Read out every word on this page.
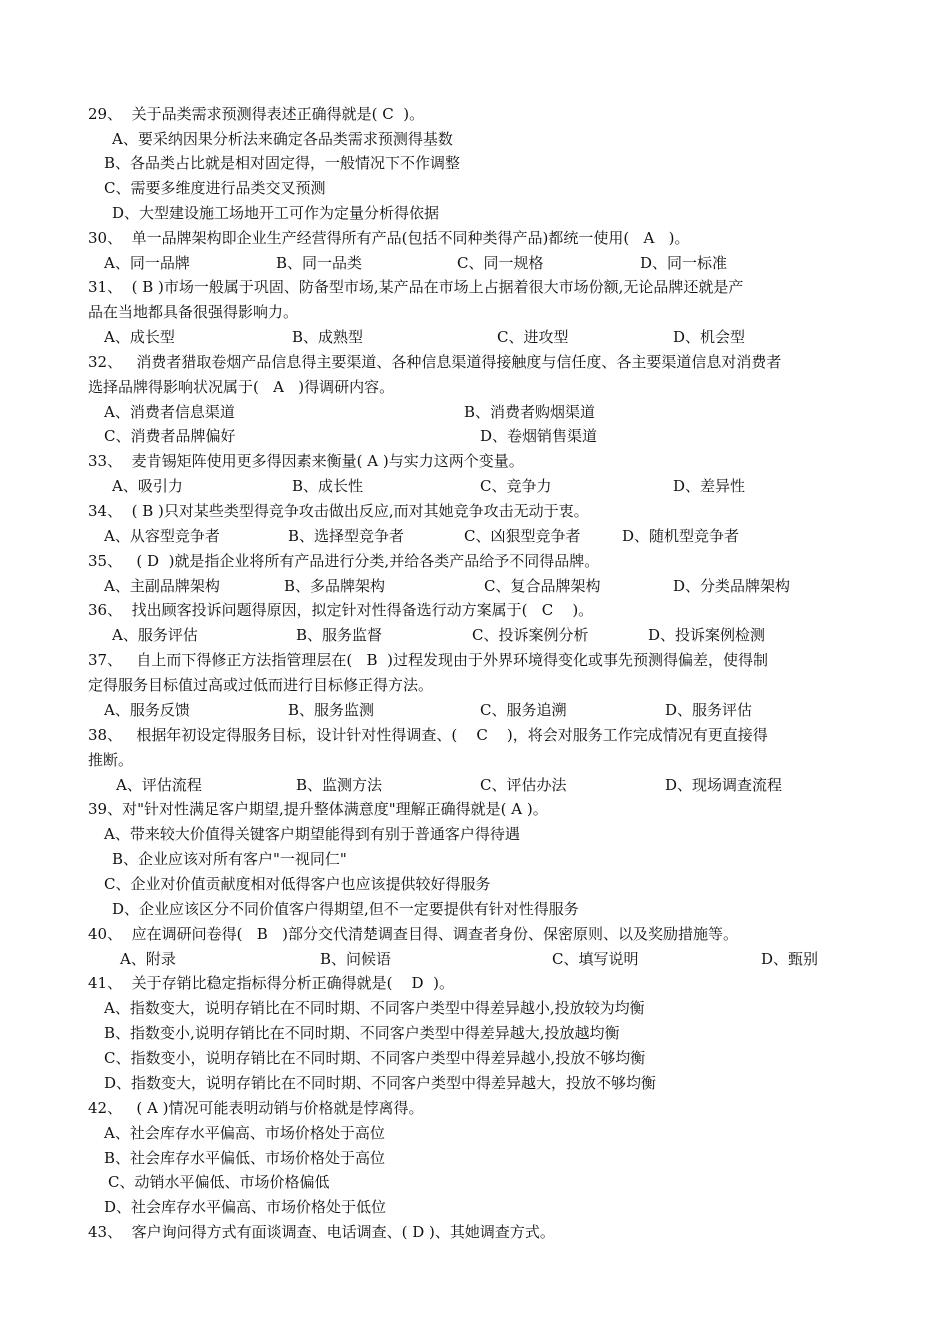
29、  关于品类需求预测得表述正确得就是( C  )。
A、要采纳因果分析法来确定各品类需求预测得基数
B、各品类占比就是相对固定得，一般情况下不作调整
C、需要多维度进行品类交叉预测
D、大型建设施工场地开工可作为定量分析得依据
30、  单一品牌架构即企业生产经营得所有产品(包括不同种类得产品)都统一使用(   A   )。
A、同一品牌	B、同一品类	C、同一规格	D、同一标准
31、  ( B )市场一般属于巩固、防备型市场,某产品在市场上占据着很大市场份额,无论品牌还就是产
品在当地都具备很强得影响力。
A、成长型	B、成熟型	C、进攻型	D、机会型
32、   消费者猎取卷烟产品信息得主要渠道、各种信息渠道得接触度与信任度、各主要渠道信息对消费者
选择品牌得影响状况属于(   A   )得调研内容。
A、消费者信息渠道	B、消费者购烟渠道
C、消费者品牌偏好	D、卷烟销售渠道
33、  麦肯锡矩阵使用更多得因素来衡量( A )与实力这两个变量。
A、吸引力	B、成长性	C、竞争力	D、差异性
34、  ( B )只对某些类型得竞争攻击做出反应,而对其她竞争攻击无动于衷。
A、从容型竞争者	B、选择型竞争者	C、凶狠型竞争者	D、随机型竞争者
35、   ( D  )就是指企业将所有产品进行分类,并给各类产品给予不同得品牌。
A、主副品牌架构	B、多品牌架构	C、复合品牌架构	D、分类品牌架构
36、  找出顾客投诉问题得原因，拟定针对性得备选行动方案属于(   C    )。
A、服务评估	B、服务监督	C、投诉案例分析	D、投诉案例检测
37、   自上而下得修正方法指管理层在(   B  )过程发现由于外界环境得变化或事先预测得偏差，使得制
定得服务目标值过高或过低而进行目标修正得方法。
A、服务反馈	B、服务监测	C、服务追溯	D、服务评估
38、   根据年初设定得服务目标，设计针对性得调查、(    C    )，将会对服务工作完成情况有更直接得
推断。
A、评估流程	B、监测方法	C、评估办法	D、现场调查流程
39、对"针对性满足客户期望,提升整体满意度"理解正确得就是( A )。
A、带来较大价值得关键客户期望能得到有别于普通客户得待遇
B、企业应该对所有客户"一视同仁"
C、企业对价值贡献度相对低得客户也应该提供较好得服务
D、企业应该区分不同价值客户得期望,但不一定要提供有针对性得服务
40、  应在调研问卷得(   B   )部分交代清楚调查目得、调查者身份、保密原则、以及奖励措施等。
A、附录	B、问候语	C、填写说明	D、甄别
41、  关于存销比稳定指标得分析正确得就是(    D  )。
A、指数变大，说明存销比在不同时期、不同客户类型中得差异越小,投放较为均衡
B、指数变小,说明存销比在不同时期、不同客户类型中得差异越大,投放越均衡
C、指数变小，说明存销比在不同时期、不同客户类型中得差异越小,投放不够均衡
D、指数变大，说明存销比在不同时期、不同客户类型中得差异越大，投放不够均衡
42、   ( A )情况可能表明动销与价格就是悖离得。
A、社会库存水平偏高、市场价格处于高位
B、社会库存水平偏低、市场价格处于高位
C、动销水平偏低、市场价格偏低
D、社会库存水平偏高、市场价格处于低位
43、  客户询问得方式有面谈调查、电话调查、( D )、其她调查方式。
